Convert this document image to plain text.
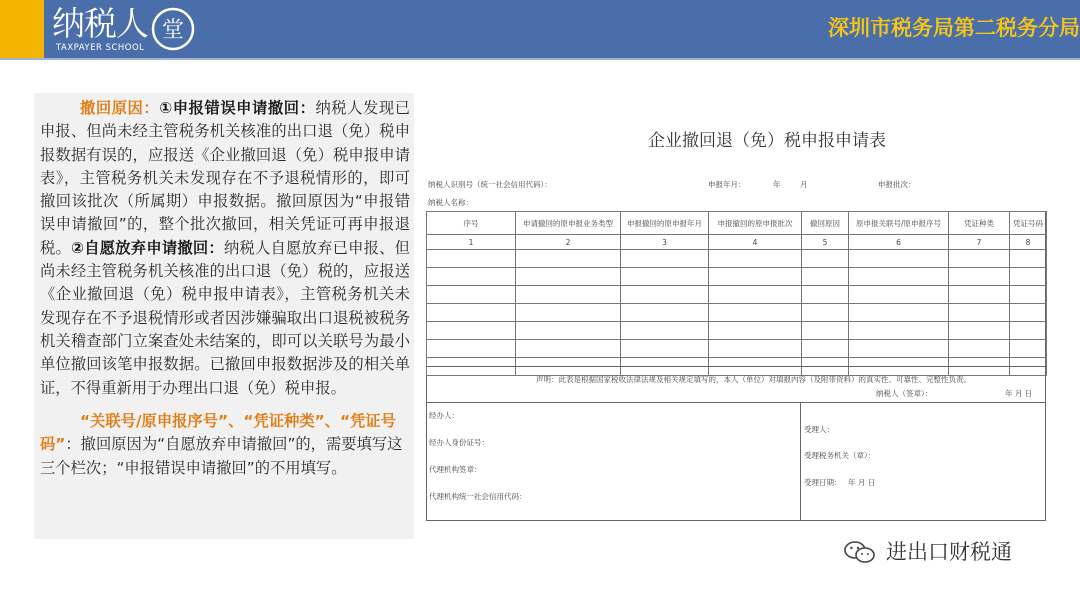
纳税人
TAXPAYER SCHOOL
堂	深圳市税务局第二税务分局
撤回原因：①申报错误申请撤回：纳税人发现已申报、但尚未经主管税务机关核准的出口退（免）税申报数据有误的，应报送《企业撤回退（免）税申报申请表》，主管税务机关未发现存在不予退税情形的，即可撤回该批次（所属期）申报数据。撤回原因为“申报错误申请撤回”的，整个批次撤回，相关凭证可再申报退税。②自愿放弃申请撤回：纳税人自愿放弃已申报、但尚未经主管税务机关核准的出口退（免）税的，应报送《企业撤回退（免）税申报申请表》，主管税务机关未发现存在不予退税情形或者因涉嫌骗取出口退税被税务机关稽查部门立案查处未结案的，即可以关联号为最小单位撤回该笔申报数据。已撤回申报数据涉及的相关单证，不得重新用于办理出口退（免）税申报。
“关联号/原申报序号”、“凭证种类”、“凭证号码”：撤回原因为“自愿放弃申请撤回”的，需要填写这三个栏次；“申报错误申请撤回”的不用填写。
企业撤回退（免）税申报申请表
纳税人识别号（统一社会信用代码）：	申报年月：	年	月	申报批次：
纳税人名称：
序号	申请撤回的原申报业务类型	申报撤回的原申报年月	申报撤回的原申报批次	撤回原因	原申报关联号/原申报序号	凭证种类	凭证号码
1	2	3	4	5	6	7	8

声明：此表是根据国家税收法律法规及相关规定填写的，本人（单位）对填报内容（及附带资料）的真实性、可靠性、完整性负责。
纳税人（签章）：	年 月 日
经办人：
经办人身份证号：
代理机构签章：
代理机构统一社会信用代码：
受理人：
受理税务机关（章）：
受理日期： 年 月 日
进出口财税通
